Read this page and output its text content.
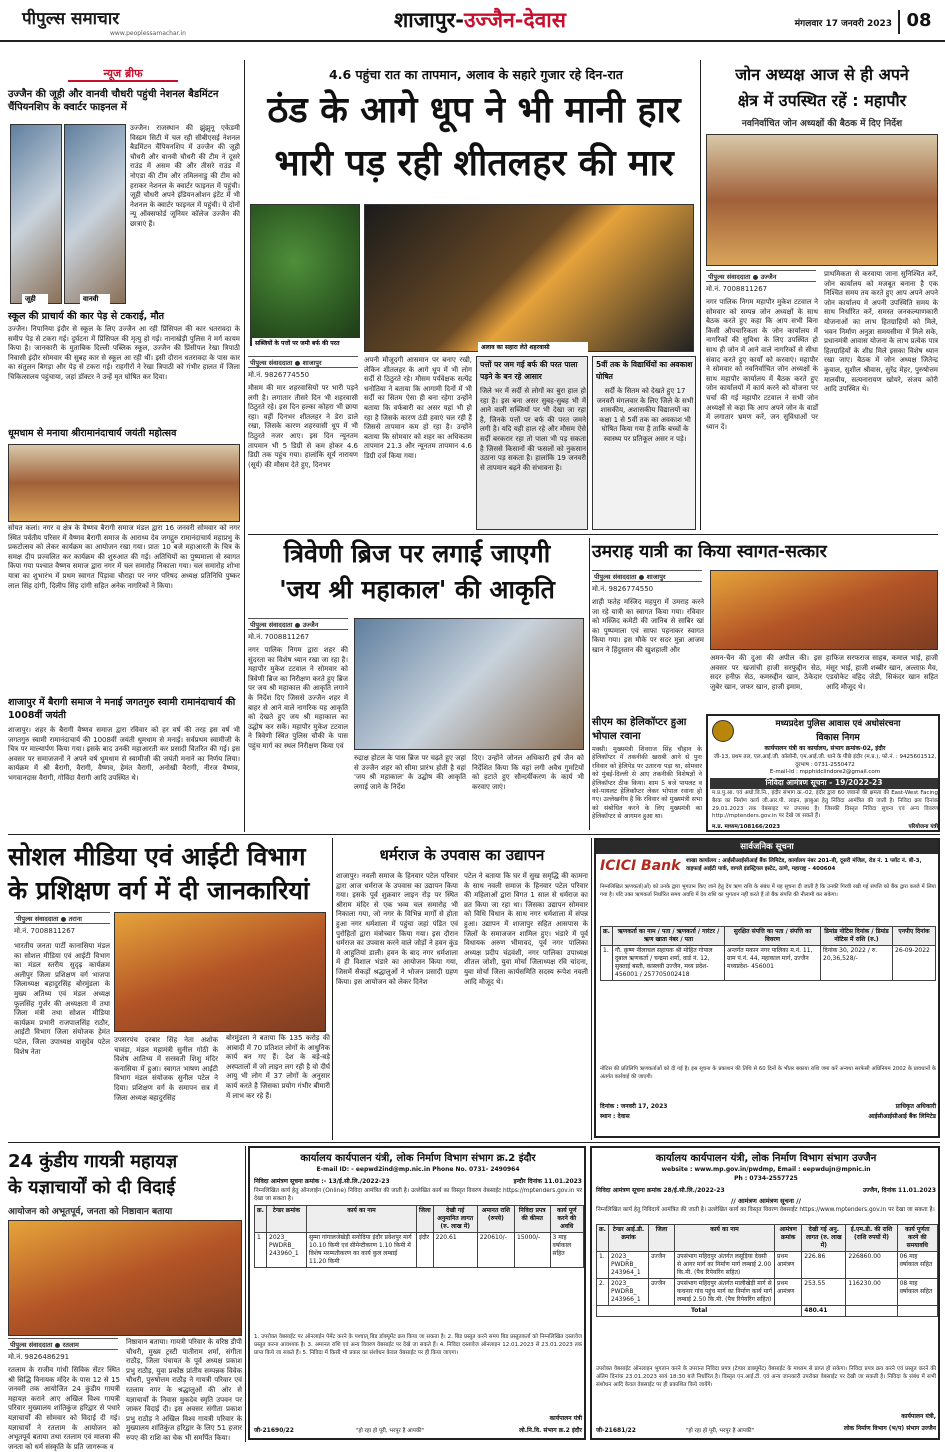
पीपुल्स समाचार
www.peoplessamachar.in
शाजापुर-उज्जैन-देवास	मंगलवार 17 जनवरी 2023 08
न्यूज ब्रीफ
उज्जैन की जूही और वानवी चौधरी पहुंची नेशनल बैडमिंटन चैंपियनशिप के क्वार्टर फाइनल में
जूही	वानवी
उज्जैन। राजस्थान की झुंझुनू एकेडमी विस्डम सिटी में चल रही सीबीएसई नेशनल बैडमिंटन चैंपियनशिप में उज्जैन की जूही चौधरी और वानवी चौधरी की टीम ने दूसरे राउंड में असम की और तीसरे राउंड में नोएडा की टीम और तमिलनाडु की टीम को हराकर नेशनल के क्वार्टर फाइनल में पहुंची। जूही चौधरी अपने इंडियनओशन इंटेंट में भी नेशनल के क्वार्टर फाइनल में पहुंची। ये दोनों न्यू ऑक्सफोर्ड जूनियर कॉलेज उज्जैन की छात्राएं हैं।
स्कूल की प्राचार्य की कार पेड़ से टकराई, मौत
उज्जैन। निपानिया इंदौर से स्कूल के लिए उज्जैन आ रही प्रिंसिपल की कार धतरावदा के समीप पेड़ से टकरा गई। दुर्घटना में प्रिंसिपल की मृत्यु हो गई। नानाखेड़ी पुलिस ने मर्ग कायम किया है। जानकारी के मुताबिक दिल्ली पब्लिक स्कूल, उज्जैन की प्रिंसीपल रेखा त्रिपाठी निवासी इंदौर सोमवार की सुबह कार से स्कूल आ रही थीं। इसी दौरान धतरावदा के पास कार का संतुलन बिगड़ा और पेड़ से टकरा गई। राहगीरों ने रेखा त्रिपाठी को गंभीर हालत में जिला चिकित्सालय पहुंचाया, जहां डॉक्टर ने उन्हें मृत घोषित कर दिया।
धूमधाम से मनाया श्रीरामानंदाचार्य जयंती महोत्सव
सोयत कलां। नगर व क्षेत्र के वैष्णव बैरागी समाज मंडल द्वारा 16 जनवरी सोमवार को नगर स्थित पर्वतीय परिसर में वैष्णव बैरागी समाज के आराध्य देव जगद्गुरु रामानंदाचार्य महाप्रभु के प्रकटोत्सव को लेकर कार्यक्रम का आयोजन रखा गया। प्रातः 10 बजे महाआरती के चित्र के समक्ष दीप प्रज्वलित कर कार्यक्रम की शुरुआत की गई। अतिथियों का पुष्पमाला से स्वागत किया गया पश्चात वैष्णव समाज द्वारा नगर में चल समारोह निकाला गया। चल समारोह शोभा यात्रा का शुभारंभ में प्रथम स्वागत पिड़ावा चौराहा पर नगर परिषद अध्यक्ष प्रतिनिधि पुष्कर लाल सिंह दांगी, दिलीप सिंह दांगी सहित अनेक नागरिकों ने किया।
शाजापुर में बैरागी समाज ने मनाई जगतगुरु स्वामी रामानंदाचार्य की 1008वीं जयंती
शाजापुर। शहर के बैरागी वैष्णव समाज द्वारा रविवार को हर वर्ष की तरह इस वर्ष भी जगतगुरु स्वामी रामानंदाचार्य की 1008वीं जयंती धूमधाम से मनाई। सर्वप्रथम स्वामीजी के चित्र पर माल्यार्पण किया गया। इसके बाद उनकी महाआरती कर प्रसादी वितरित की गई। इस अवसर पर समाजजनों ने अपने वर्ष धूमधाम से स्वामीजी की जयंती मनाने का निर्णय लिया। कार्यक्रम में श्री बैरागी, वैरागी, वैष्णव, हेमंत वैरागी, अनोखी वैरागी, नीरज वैष्णव, भगवानदास वैरागी, गोविंदा वैरागी आदि उपस्थित थे।
4.6 पहुंचा रात का तापमान, अलाव के सहारे गुजार रहे दिन-रात
ठंड के आगे धूप ने भी मानी हार
भारी पड़ रही शीतलहर की मार
सब्जियों के पत्तों पर जमी बर्फ की परत
अलाव का सहारा लेते शहरवासी
पीपुल्स संवाददाता ● शाजापुर
मो.नं. 9826774550
मौसम की मार शहरवासियों पर भारी पड़ने लगी है। लगातार तीसरे दिन भी शहरवासी ठिठुरते रहे। इस दिन हल्का कोहरा भी छाया रहा। वहीं दिनभर शीतलहर ने डेरा डाले रखा, जिसके कारण शहरवासी धूप में भी ठिठुरते नजर आए। इस दिन न्यूनतम तापमान भी 5 डिग्री से कम होकर 4.6 डिग्री तक पहुंच गया। हालांकि सूर्य नारायण (सूर्य) की मौसम देते हुए, दिनभर
अपनी मौजूदगी आसमान पर बनाए रखी, लेकिन शीतलहर के आगे धूप में भी लोग सर्दी से ठिठुरते रहे। मौसम पर्यवेक्षक सत्येंद्र धनोतिया ने बताया कि आगामी दिनों में भी सर्दी का सितम ऐसा ही बना रहेगा उन्होंने बताया कि वर्फबारी का असर यहां भी हो रहा है जिसके कारण ठंडी हवाएं चल रही हैं जिससे तापमान कम हो रहा है। उन्होंने बताया कि सोमवार को शहर का अधिकतम तापमान 21.3 और न्यूनतम तापमान 4.6 डिग्री दर्ज किया गया।
पत्तों पर जम गई बर्फ की परत पाला पड़ने के बन रहे आसार
जिले भर में सर्दी से लोगों का बुरा हाल हो रहा है। इस बना असर सुबह-सुबह भी में आने वाली सब्जियों पर भी देखा जा रहा है, जिनके पत्तों पर बर्फ की परत जमने लगी है। यदि यही हाल रहे और मौसम ऐसे सर्दी बरकरार रहा तो पाला भी पड़ सकता है जिससे किसानों की फसलों को नुकसान उठाना पड़ सकता है। हालांकि 19 जनवरी से तापमान बढ़ने की संभावना है।
5वीं तक के विद्यार्थियों का अवकाश घोषित
सर्दी के सितम को देखते हुए 17 जनवरी मंगलवार के लिए जिले के सभी शासकीय, अशासकीय विद्यालयों का कक्षा 1 से 5वीं तक का अवकाश भी घोषित किया गया है ताकि बच्चों के स्वास्थ्य पर प्रतिकूल असर न पड़े।
जोन अध्यक्ष आज से ही अपने
क्षेत्र में उपस्थित रहें : महापौर
नवनिर्वाचित जोन अध्यक्षों की बैठक में दिए निर्देश
पीपुल्स संवाददाता ● उज्जैन
मो.नं. 7008811267
नगर पालिक निगम महापौर मुकेश टटवाल ने सोमवार को सम्पन्न जोन अध्यक्षों के साथ बैठक करते हुए कहा कि आप सभी बिना किसी औपचारिकता के जोन कार्यालय में नागरिकों की सुविधा के लिए उपस्थित हो साथ ही जोन में आने वाले नागरिकों से सीधा संवाद करते हुए कार्यों को करवाएं। महापौर ने सोमवार को नवनिर्वाचित जोन अध्यक्षों के साथ महापौर कार्यालय में बैठक करते हुए जोन कार्यालयों में कार्य करने को योजना पर चर्चा की गई महापौर टटवाल ने सभी जोन अध्यक्षों से कहा कि आप अपने जोन के वार्डों में लगातार भ्रमण करें, जन सुविधाओं पर ध्यान दें।
प्राथमिकता से करवाया जाना सुनिश्चित करें, जोन कार्यालय को मजबूत बनाना है एक निश्चित समय तय करते हुए आप अपने अपने जोन कार्यालय में अपनी उपस्थिति समय के साथ निर्धारित करें, समस्त जनकल्याणकारी योजनाओं का लाभ हितग्राहियों को मिले, भवन निर्माण अनुज्ञा समयसीमा में मिले सके, प्रधानमंत्री आवास योजना के लाभ प्रत्येक पात्र हितग्राहियों के शीघ्र मिले इसका विशेष ध्यान रखा जाए। बैठक में जोन अध्यक्ष जितेन्द्र कुवाल, सुशील श्रीवास, सुरेंद्र मेहर, पुरुषोत्तम मालवीय, सत्यनारायण खोयरे, संजय कोरी आदि उपस्थित थे।
त्रिवेणी ब्रिज पर लगाई जाएगी
'जय श्री महाकाल' की आकृति
पीपुल्स संवाददाता ● उज्जैन
मो.नं. 7008811267
नगर पालिक निगम द्वारा शहर की सुंदरता का विशेष ध्यान रखा जा रहा है। महापौर मुकेश टटवाल ने सोमवार को त्रिवेणी ब्रिज का निरीक्षण करते हुए ब्रिज पर जय श्री महाकाल की आकृति लगाने के निर्देश दिए जिससे उज्जैन शहर में बाहर से आने वाले नागरिक यह आकृति को देखते हुए जय श्री महाकाल का उद्घोष कर सकें। महापौर मुकेश टटवाल ने त्रिवेणी स्थित पुलिस चौकी के पास पहुंच मार्ग का स्थल निरीक्षण किया एवं
रुद्राक्ष होटल के पास ब्रिज पर चढ़ते हुए जहां से उज्जैन शहर को सीमा प्रारंभ होती है वहां 'जय श्री महाकाल' के उद्घोष की आकृति लगाई जाने के निर्देश
दिए। उन्होंने जोनल अधिकारी हर्ष जैन को निर्देशित किया कि यहां लगी अवैध गुमटियों को हटाते हुए सौन्दर्यीकरण के कार्य भी करवाए जाएं।
उमराह यात्री का किया स्वागत-सत्कार
पीपुल्स संवाददाता ● शाजापुर
मो.नं. 9826774550
शाही फतेह मस्जिद महपुरा में उमराह करने जा रहे यात्री का स्वागत किया गया। रविवार को मस्जिद कमेटी की जानिब से साबिर खां का पुष्पमाला एवं साफा पहनाकर स्वागत किया गया। इस मौके पर सदर मुन्ना आजम खान ने हिंदुस्तान की खुशहाली और
अमन-चैन की दुआ की अपील की। इस अवसर पर खजांची हाजी सरफुद्दीन सेठ, सदर हनीफ़ सेठ, कमरुद्दीन खान, ठेकेदार जुबेर खान, जफर खान, हाजी इमाम,
हाफिज सरफराज साहब, कमाल भाई, हाजी मंसूर भाई, हाजी शब्बीर खान, अल्ताफ़ मैव, एडवोकेट वहिद जेडी, सिकंदर खान सहित आदि मौजूद थे।
सीएम का हेलिकॉप्टर हुआ भोपाल रवाना
मक्सी। मुख्यमंत्री शिवराज सिंह चौहान के हेलिकॉप्टर में तकनीकी खराबी आने से पुनः रविवार को हेलिपेड पर उतारना पड़ा था, सोमवार को मुंबई-दिल्ली से आए तकनीकी विशेषज्ञों ने हेलिकॉप्टर ठीक किया। शाम 5 बजे पायलट व को-पायलट हेलिकॉप्टर लेकर भोपाल रवाना हो गए। उल्लेखनीय है कि रविवार को मुख्यमंत्री सभा को संबोधित करने के लिए मुख्यमंत्री का हेलिकॉप्टर से आगमन हुआ था।
मध्यप्रदेश पुलिस आवास एवं अधोसंरचना
विकास निगम
कार्यपालन यंत्री का कार्यालय, संभाग क्रमांक-02, इंदौर
जी-13, प्रथम तल, एल.आई.जी. कॉलोनी, एम.आई.जी. थाने के पीछे इंदौर (म.प्र.), फो.नं. : 9425601512, दूरभाष : 0731-2550472
E-mail-Id : mpphidclindore2@gmail.com
निविदा आमंत्रण सूचना - 19/2022-23
म.प्र.पु.आ. एवं अधो.वि.नि., इंदौर संभाग क्र.-02, इंदौर द्वारा 60 जवानों की क्षमता की East-West Facing बैरक का निर्माण कार्य जी.आर.पी. लाइन, झाबुआ हेतु निविदा आमंत्रित की जाती है। निविदा क्रय दिनांक 29.01.2023 तक वेबसाइट पर उपलब्ध है। जिसकी विस्तृत निविदा सूचना एवं अन्य विवरण http://mptenders.gov.in पर देखे जा सकते हैं।
म.प्र. माध्यम/108166/2023	परियोजना यंत्री
सोशल मीडिया एवं आईटी विभाग
के प्रशिक्षण वर्ग में दी जानकारियां
पीपुल्स संवाददाता ● तराना
मो.नं. 7008811267
भारतीय जनता पार्टी कानासिया मंडल का सोशल मीडिया एवं आईटी विभाग का मंडल स्तरीय सुदृढ़ कार्यक्रम अलीपुर जिला प्रशिक्षण वर्ग भाजपा जिलाध्यक्ष बहादुरसिंह बोरमुंडला के मुख्य अतिथ्य एवं मंडल अध्यक्ष फूलसिंह गुर्जर की अध्यक्षता में तथा जिला मंत्री तथा सोशल मीडिया कार्यक्रम प्रभारी राजपालसिंह राठौर, आईटी विभाग जिला संयोजक हेमंत पटेल, जिला उपाध्यक्ष वासुदेव पटेल विशेष नेता
उपसरपंच दरबार सिंह नेता अशोक चावड़ा, मंडल महामंत्री सुनील गोठी के विशेष आतिथ्य में सरस्वती शिशु मंदिर कनासिया में हुआ। स्वागत भाषण आईटी विभाग मंडल संयोजक सुनील पटेल ने दिया। प्रशिक्षण वर्ग के समापन सत्र में जिला अध्यक्ष बहादुरसिंह
बोरमुंडला ने बताया कि 135 करोड़ की आबादी में 70 प्रतिशत लोगों के आधुनिक कार्य बन गए हैं। देश के बड़े-बड़े अस्पतालों में जो लाइन लग रही है वो दीर्घ आयु भी लोग में 37 लोगों के अनुसार कार्य करते है जिसका प्रयोग गंभीर बीमारी में लाभ कर रहे हैं।
धर्मराज के उपवास का उद्यापन
शाजापुर। नवली समाज के हिनवार पटेल परिवार द्वारा आज धर्मराज के उपवास का उद्यापन किया गया। इसके पूर्व शुक्रवार लाइन रोड़ पर स्थित श्रीराम मंदिर से एक भव्य चल समारोह भी निकाला गया, जो नगर के विभिन्न मार्गों से होता हुआ नगर धर्मशाला में पहुंचा जहां पंडित एवं पुरोहितों द्वारा मंत्रोच्चार किया गया। इस दौरान धर्मराज का उपवास करने वाले जोड़ों ने हवन कुंड में आहुतियां डाली। हवन के बाद नगर धर्मशाला में ही विशाल भंडारे का आयोजन किया गया, जिसमें सैकड़ों श्रद्धालुओं ने भोजन प्रसादी ग्रहण किया। इस आयोजन को लेकर दिनेश
पटेल ने बताया कि घर में सुख समृद्धि की कामना के साथ नवली समाज के हिनवार पटेल परिवार की महिलाओं द्वारा विगत 1 साल से धर्मराज का व्रत किया जा रहा था। जिसका उद्यापन सोमवार को विधि विधान के साथ नगर धर्मशाला में संपन्न हुआ। उद्यापन में शाजापुर सहित आसपास के जिलों के समाजजन शामिल हुए। भंडारे में पूर्व विधायक अरुण भीमावद, पूर्व नगर पालिका अध्यक्ष प्रदीप चंद्रवंशी, नगर पालिका उपाध्यक्ष शीतल जोशी, युवा मोर्चा जिलाध्यक्ष रवि चांदना, युवा मोर्चा जिला कार्यसमिति सदस्य रूपेश नवली आदि मौजूद थे।
सार्वजनिक सूचना
ICICI Bank	शाखा कार्यालय : आईसीआईसीआई बैंक लिमिटेड, कार्यालय नंबर 201-बी, दूसरी मंजिल, रोड नं. 1 प्लॉट नं. बी-3, वाइफाई आईटी पार्क, वागले इंडस्ट्रियल इस्टेट, ठाणे, महाराष्ट्र - 400604
निम्नलिखित ऋणकर्ता(ओं) को उनके द्वारा भुगतान किए जाने हेतु देय ऋण राशि के संबंध में यह सूचना दी जाती है कि उनकी गिरवी रखी गई संपत्ति को बैंक द्वारा कब्जे में लिया गया है। यदि उक्त ऋणकर्ता निर्धारित समय अवधि में देय राशि का भुगतान नहीं करते हैं तो बैंक संपत्ति की नीलामी कर सकेगा।
क्र.	ऋणकर्ता का नाम / पता / ऋणकर्ता / गारंटर / ऋण खाता नंबर / पता	सुरक्षित संपत्ति का पता / संपत्ति का विवरण	डिमांड नोटिस दिनांक / डिमांड नोटिस में राशि (रु.)	एनपीए दिनांक
1.	गौ. क़ृष्ण नीलाचल सहायक श्री मोहित गोपाल दुबाल ऋणकर्ता / चन्द्रमा शर्मा, वार्ड नं. 12, सुक्ताई बस्ती, कास्लवी उज्जैन, मध्य प्रदेश- 456001 / 257705002418	अन्तर्गत मकान नगर पालिका म.नं. 11, ग्राम पं.नं. 44, महाकाल मार्ग, उज्जैन मध्यप्रदेश- 456001	दिनांक 30, 2022 / रु. 20,36,528/-	26-09-2022
नोटिस की प्रतिलिपि ऋणकर्ताओं को दी गई है। इस सूचना के प्रकाशन की तिथि से 60 दिनों के भीतर बकाया राशि जमा करें अन्यथा सरफेसी अधिनियम 2002 के प्रावधानों के अंतर्गत कार्रवाई की जाएगी।
दिनांक : जनवरी 17, 2023
स्थान : देवास
प्राधिकृत अधिकारी
आईसीआईसीआई बैंक लिमिटेड
24 कुंडीय गायत्री महायज्ञ
के यज्ञाचार्यों को दी विदाई
आयोजन को अभूतपूर्व, जनता को निष्ठावान बताया
पीपुल्स संवाददाता ● रतलाम
मो.नं. 9826486291
रतलाम के राजीव गांधी सिविक सेंटर स्थित श्री सिद्धि विनायक मंदिर के पास 12 से 15 जनवरी तक आयोजित 24 कुंडीय गायत्री महायज्ञ कराने आए अखिल विश्व गायत्री परिवार मुख्यालय शांतिकुंज हरिद्वार से पधारे यज्ञाचार्यों की सोमवार को विदाई दी गई। यज्ञाचार्यों ने रतलाम के आयोजन को अभूतपूर्व बताया तथा रतलाम एवं मालवा की जनता को धर्म संस्कृति के प्रति जागरूक व
निष्ठावान बताया। गायत्री परिवार के वरिष्ठ डीपी चौधरी, मुख्य ट्रस्टी पातीराम शर्मा, संगीता राठौड़, जिला पंचायत के पूर्व अध्यक्ष प्रकाश प्रभु राठौड़, युवा प्रकोष्ठ प्रांतीय सम्पन्नक विवेक चौधरी, पुरुषोत्तम राठौड़ ने गायत्री परिवार एवं रतलाम नगर के श्रद्धालुओं की ओर से यज्ञाचार्यों के निवास मुकदेव स्मृति उपवन पर जाकर विदाई दी। इस अवसर संगीता प्रकाश प्रभु राठौड़ ने अखिल विश्व गायत्री परिवार के मुख्यालय शांतिकुंज हरिद्वार के लिए 51 हजार रुपए की राशि का चेक भी समर्पित किया।
कार्यालय कार्यपालन यंत्री, लोक निर्माण विभाग संभाग क्र.2 इंदौर
E-mail ID: - eepwd2ind@mp.nic.in Phone No. 0731- 2490964
निविदा आमंत्रण सूचना क्रमांक :- 13/ई.सी.लि./2022-23	इन्दौर दिनांक 11.01.2023
निम्नलिखित कार्य हेतु ऑनलाईन (Online) निविदा आमंत्रित की जाती है। उल्लेखित कार्य का विस्तृत विवरण वेबसाईट https://mptenders.gov.in पर देखा जा सकता है।
क्र.	टेन्डर क्रमांक	कार्य का नाम	जिला	देखी गई अनुमानित लागत (रु. लाख में)	अमानत राशि (रुपये)	निविदा प्रपत्र की कीमत	कार्य पूर्ण करने की अवधि
1	2023_ PWDRB_ 243960_1	सुम्मा गांगालजेखेड़ी सनोदिया इंदौर प्रवेशपुर मार्ग 10.10 किमी एवं सीमेन्टीकरण 1.10 किमी में विशेष मरम्मतीकरण का कार्य कुल लम्बाई 11.20 किमी	इंदौर	220.61	220610/-	15000/-	3 माह वर्षाकाल सहित
1. उपरोक्त वेबसाईट पर ऑनलाईन पेमेंट करने के पश्चात् बिड डॉक्यूमेंट क्रय किया जा सकता है। 2. बिड प्रस्तुत करने समय बिड प्रस्तुतकर्ता को निम्नलिखित दस्तावेज प्रस्तुत करना आवश्यक है। 3. अमानत राशि एवं अन्य विवरण वेबसाईट पर देखे जा सकते हैं। 4. निविदा दस्तावेज ऑनलाइन 12.01.2023 से 23.01.2023 तक प्राप्त किये जा सकते हैं। 5. निविदा में किसी भी प्रकार का संशोधन केवल वेबसाईट पर ही किया जाएगा।
कार्यपालन यंत्री
जी-21690/22	"हो रहा हो पूरी, भरपूर है आपकी"	लो.नि.वि. संभाग क्र.2 इंदौर
कार्यालय कार्यपालन यंत्री, लोक निर्माण विभाग संभाग उज्जैन
website : www.mp.gov.in/pwdmp, Email : eepwdujn@mpnic.in
Ph : 0734-2557725
निविदा आमंत्रण सूचना क्रमांक 28/ई.सी.लि./2022-23	उज्जैन, दिनांक 11.01.2023
// आमंत्रण आमंत्रण सूचना //
निम्नलिखित कार्य हेतु निविदायें आमंत्रित की जाती है। उल्लेखित कार्य का विस्तृत विवरण वेबसाईट https://www.mptenders.gov.in पर देखा जा सकता है।
क्र.	टेन्डर आई.डी. क्रमांक	जिला	कार्य का नाम	आमंत्रण क्रमांक	देखी गई अनु. लागत (रु. लाख में)	ई.एम.डी. की राशि (राशि रुपयों में)	कार्य पूर्णता करने की समयावधि
1.	2023_ PWDRB_ 243964_1	उज्जैन	उपसंभाग महिदपुर अंतर्गत लसूड़िया देवसी से आगर मार्ग का निर्माण मार्ग लम्बाई 2.00 कि.मी. (पैच रिपेयरिंग सहित)	प्रथम आमंत्रण	226.86	226860.00	06 माह वर्षाकाल सहित
2.	2023_ PWDRB_ 243966_1	उज्जैन	उपसंभाग महिदपुर अंतर्गत मालीखेड़ी मार्ग से कचनार गांव पहुंच मार्ग का निर्माण कार्य मार्ग लम्बाई 2.50 कि.मी. (पैच रिपेयरिंग सहित)	प्रथम आमंत्रण	253.55	116230.00	08 माह वर्षाकाल सहित
Total					480.41		
उपरोक्त वेबसाईट ऑनलाइन भुगतान करने के उपरान्त निविदा प्रपत्र (टेण्डर डाक्यूमेंट) वेबसाईट के माध्यम से प्राप्त हो सकेगा। निविदा प्रपत्र क्रय करने एवं प्रस्तुत करने की अंतिम दिनांक 23.01.2023 सायं 18:30 बजे निर्धारित है। विस्तृत एन.आई.टी. एवं अन्य जानकारी उपरोक्त वेबसाईट पर देखी जा सकती है। निविदा के संबंध में सभी संशोधन आदि केवल वेबसाईट पर ही प्रकाशित किये जायेंगे।
कार्यपालन यंत्री,
जी-21681/22	"हो रहा हो पूरी, भरपूर है आपकी"	लोक निर्माण विभाग (भ/प) संभाग उज्जैन
